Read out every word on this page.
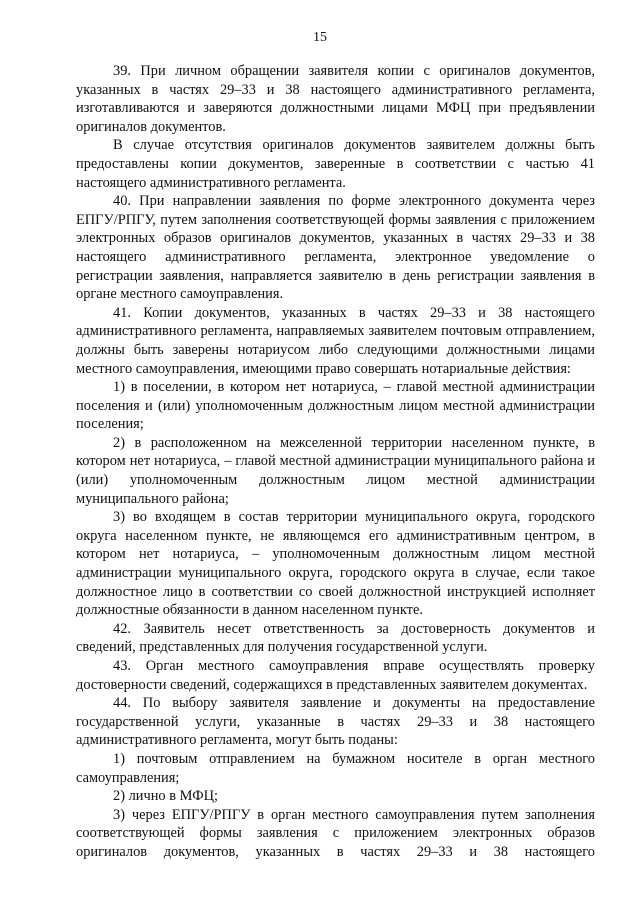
15

39. При личном обращении заявителя копии с оригиналов документов, указанных в частях 29–33 и 38 настоящего административного регламента, изготавливаются и заверяются должностными лицами МФЦ при предъявлении оригиналов документов.

В случае отсутствия оригиналов документов заявителем должны быть предоставлены копии документов, заверенные в соответствии с частью 41 настоящего административного регламента.

40. При направлении заявления по форме электронного документа через ЕПГУ/РПГУ, путем заполнения соответствующей формы заявления с приложением электронных образов оригиналов документов, указанных в частях 29–33 и 38 настоящего административного регламента, электронное уведомление о регистрации заявления, направляется заявителю в день регистрации заявления в органе местного самоуправления.

41. Копии документов, указанных в частях 29–33 и 38 настоящего административного регламента, направляемых заявителем почтовым отправлением, должны быть заверены нотариусом либо следующими должностными лицами местного самоуправления, имеющими право совершать нотариальные действия:

1) в поселении, в котором нет нотариуса, – главой местной администрации поселения и (или) уполномоченным должностным лицом местной администрации поселения;

2) в расположенном на межселенной территории населенном пункте, в котором нет нотариуса, – главой местной администрации муниципального района и (или) уполномоченным должностным лицом местной администрации муниципального района;

3) во входящем в состав территории муниципального округа, городского округа населенном пункте, не являющемся его административным центром, в котором нет нотариуса, – уполномоченным должностным лицом местной администрации муниципального округа, городского округа в случае, если такое должностное лицо в соответствии со своей должностной инструкцией исполняет должностные обязанности в данном населенном пункте.

42. Заявитель несет ответственность за достоверность документов и сведений, представленных для получения государственной услуги.

43. Орган местного самоуправления вправе осуществлять проверку достоверности сведений, содержащихся в представленных заявителем документах.

44. По выбору заявителя заявление и документы на предоставление государственной услуги, указанные в частях 29–33 и 38 настоящего административного регламента, могут быть поданы:

1) почтовым отправлением на бумажном носителе в орган местного самоуправления;

2) лично в МФЦ;

3) через ЕПГУ/РПГУ в орган местного самоуправления путем заполнения соответствующей формы заявления с приложением электронных образов оригиналов документов, указанных в частях 29–33 и 38 настоящего
